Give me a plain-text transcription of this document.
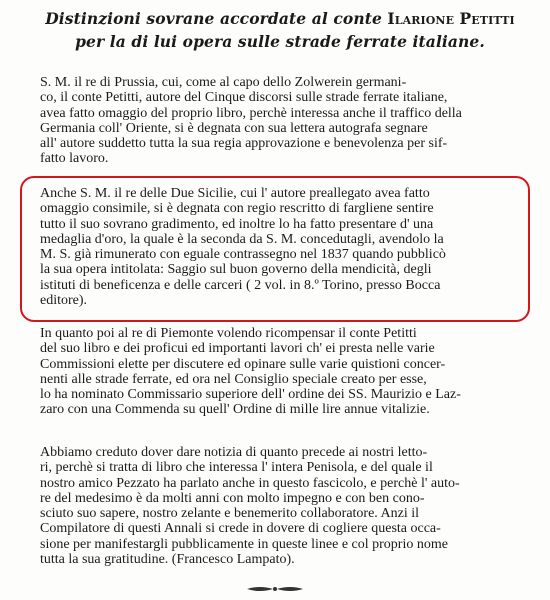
Distinzioni sovrane accordate al conte Ilarione Petitti
per la di lui opera sulle strade ferrate italiane.
S. M. il re di Prussia, cui, come al capo dello Zolwerein germani-
co, il conte Petitti, autore del Cinque discorsi sulle strade ferrate italiane,
avea fatto omaggio del proprio libro, perchè interessa anche il traffico della
Germania coll' Oriente, si è degnata con sua lettera autografa segnare
all' autore suddetto tutta la sua regia approvazione e benevolenza per sif-
fatto lavoro.
Anche S. M. il re delle Due Sicilie, cui l' autore preallegato avea fatto
omaggio consimile, si è degnata con regio rescritto di fargliene sentire
tutto il suo sovrano gradimento, ed inoltre lo ha fatto presentare d' una
medaglia d'oro, la quale è la seconda da S. M. concedutagli, avendolo la
M. S. già rimunerato con eguale contrassegno nel 1837 quando pubblicò
la sua opera intitolata: Saggio sul buon governo della mendicità, degli
istituti di beneficenza e delle carceri ( 2 vol. in 8.º Torino, presso Bocca
editore).
In quanto poi al re di Piemonte volendo ricompensar il conte Petitti
del suo libro e dei proficui ed importanti lavori ch' ei presta nelle varie
Commissioni elette per discutere ed opinare sulle varie quistioni concer-
nenti alle strade ferrate, ed ora nel Consiglio speciale creato per esse,
lo ha nominato Commissario superiore dell' ordine dei SS. Maurizio e Laz-
zaro con una Commenda su quell' Ordine di mille lire annue vitalizie.
Abbiamo creduto dover dare notizia di quanto precede ai nostri letto-
ri, perchè si tratta di libro che interessa l' intera Penisola, e del quale il
nostro amico Pezzato ha parlato anche in questo fascicolo, e perchè l' auto-
re del medesimo è da molti anni con molto impegno e con ben cono-
sciuto suo sapere, nostro zelante e benemerito collaboratore. Anzi il
Compilatore di questi Annali si crede in dovere di cogliere questa occa-
sione per manifestargli pubblicamente in queste linee e col proprio nome
tutta la sua gratitudine. (Francesco Lampato).
